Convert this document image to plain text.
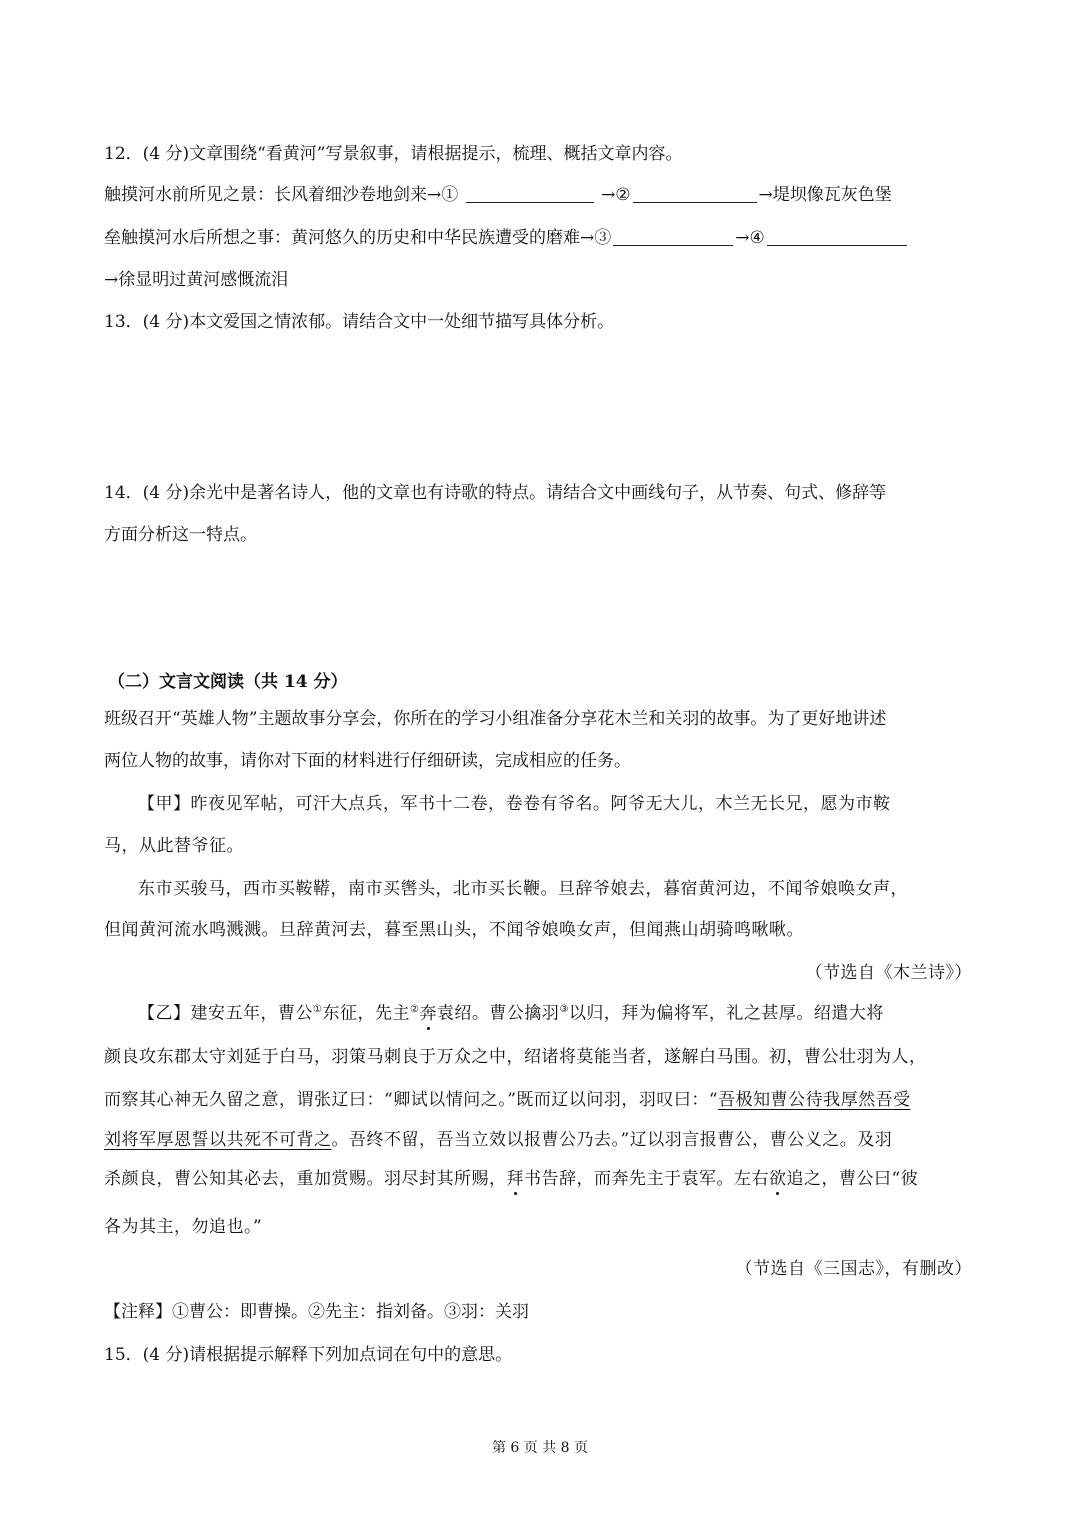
12．(4 分)文章围绕“看黄河”写景叙事，请根据提示，梳理、概括文章内容。
触摸河水前所见之景：长风着细沙卷地剑来→①	→②	→堤坝像瓦灰色堡
垒触摸河水后所想之事：黄河悠久的历史和中华民族遭受的磨难→③	→④
→徐显明过黄河感慨流泪
13．(4 分)本文爱国之情浓郁。请结合文中一处细节描写具体分析。
14．(4 分)余光中是著名诗人，他的文章也有诗歌的特点。请结合文中画线句子，从节奏、句式、修辞等
方面分析这一特点。
（二）文言文阅读（共 14 分）
班级召开“英雄人物”主题故事分享会，你所在的学习小组准备分享花木兰和关羽的故事。为了更好地讲述
两位人物的故事，请你对下面的材料进行仔细研读，完成相应的任务。
【甲】昨夜见军帖，可汗大点兵，军书十二卷，卷卷有爷名。阿爷无大儿，木兰无长兄，愿为市鞍
马，从此替爷征。
东市买骏马，西市买鞍鞯，南市买辔头，北市买长鞭。旦辞爷娘去，暮宿黄河边，不闻爷娘唤女声，
但闻黄河流水鸣溅溅。旦辞黄河去，暮至黑山头，不闻爷娘唤女声，但闻燕山胡骑鸣啾啾。
（节选自《木兰诗》）
【乙】建安五年，曹公①东征，先主②奔袁绍。曹公擒羽③以归，拜为偏将军，礼之甚厚。绍遣大将
颜良攻东郡太守刘延于白马，羽策马刺良于万众之中，绍诸将莫能当者，遂解白马围。初，曹公壮羽为人，
而察其心神无久留之意，谓张辽曰：“卿试以情问之。”既而辽以问羽，羽叹曰：“吾极知曹公待我厚然吾受
刘将军厚恩誓以共死不可背之。吾终不留，吾当立效以报曹公乃去。”辽以羽言报曹公，曹公义之。及羽
杀颜良，曹公知其必去，重加赏赐。羽尽封其所赐，拜书告辞，而奔先主于袁军。左右欲追之，曹公曰“彼
各为其主，勿追也。”
（节选自《三国志》，有删改）
【注释】①曹公：即曹操。②先主：指刘备。③羽：关羽
15．(4 分)请根据提示解释下列加点词在句中的意思。
第 6 页 共 8 页
